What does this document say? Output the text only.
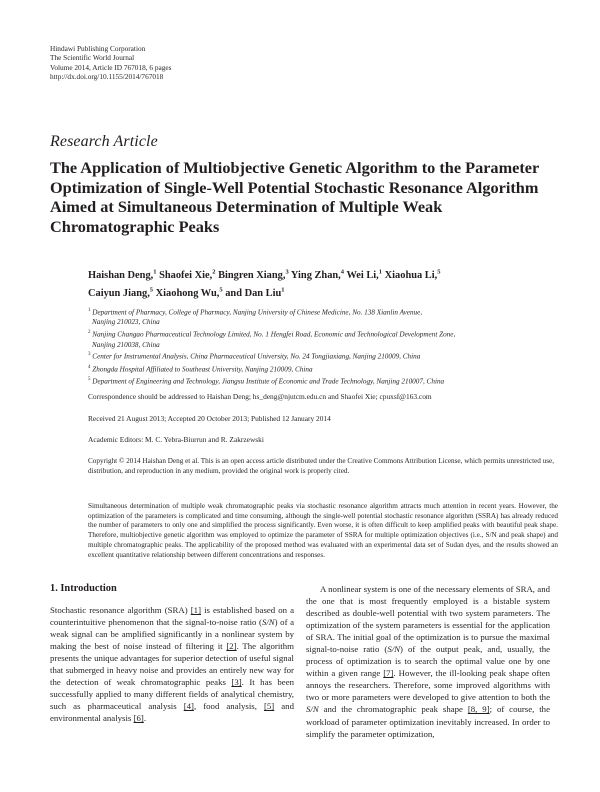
Hindawi Publishing Corporation
The Scientific World Journal
Volume 2014, Article ID 767018, 6 pages
http://dx.doi.org/10.1155/2014/767018
Research Article
The Application of Multiobjective Genetic Algorithm to the Parameter Optimization of Single-Well Potential Stochastic Resonance Algorithm Aimed at Simultaneous Determination of Multiple Weak Chromatographic Peaks
Haishan Deng,$^1$ Shaofei Xie,$^2$ Bingren Xiang,$^3$ Ying Zhan,$^4$ Wei Li,$^1$ Xiaohua Li,$^5$
Caiyun Jiang,$^5$ Xiaohong Wu,$^5$ and Dan Liu$^1$
$^1$ Department of Pharmacy, College of Pharmacy, Nanjing University of Chinese Medicine, No. 138 Xianlin Avenue,
Nanjing 210023, China
$^2$ Nanjing Changao Pharmaceutical Technology Limited, No. 1 Hengfei Road, Economic and Technological Development Zone,
Nanjing 210038, China
$^3$ Center for Instrumental Analysis, China Pharmaceutical University, No. 24 Tongjiaxiang, Nanjing 210009, China
$^4$ Zhongda Hospital Affiliated to Southeast University, Nanjing 210009, China
$^5$ Department of Engineering and Technology, Jiangsu Institute of Economic and Trade Technology, Nanjing 210007, China
Correspondence should be addressed to Haishan Deng; hs_deng@njutcm.edu.cn and Shaofei Xie; cpuxsf@163.com
Received 21 August 2013; Accepted 20 October 2013; Published 12 January 2014
Academic Editors: M. C. Yebra-Biurrun and R. Zakrzewski
Copyright © 2014 Haishan Deng et al. This is an open access article distributed under the Creative Commons Attribution License, which permits unrestricted use, distribution, and reproduction in any medium, provided the original work is properly cited.
Simultaneous determination of multiple weak chromatographic peaks via stochastic resonance algorithm attracts much attention in recent years. However, the optimization of the parameters is complicated and time consuming, although the single-well potential stochastic resonance algorithm (SSRA) has already reduced the number of parameters to only one and simplified the process significantly. Even worse, it is often difficult to keep amplified peaks with beautiful peak shape. Therefore, multiobjective genetic algorithm was employed to optimize the parameter of SSRA for multiple optimization objectives (i.e., S/N and peak shape) and multiple chromatographic peaks. The applicability of the proposed method was evaluated with an experimental data set of Sudan dyes, and the results showed an excellent quantitative relationship between different concentrations and responses.
1. Introduction
Stochastic resonance algorithm (SRA) [1] is established based on a counterintuitive phenomenon that the signal-to-noise ratio (S/N) of a weak signal can be amplified significantly in a nonlinear system by making the best of noise instead of filtering it [2]. The algorithm presents the unique advantages for superior detection of useful signal that submerged in heavy noise and provides an entirely new way for the detection of weak chromatographic peaks [3]. It has been successfully applied to many different fields of analytical chemistry, such as pharmaceutical analysis [4], food analysis, [5] and environmental analysis [6].
A nonlinear system is one of the necessary elements of SRA, and the one that is most frequently employed is a bistable system described as double-well potential with two system parameters. The optimization of the system parameters is essential for the application of SRA. The initial goal of the optimization is to pursue the maximal signal-to-noise ratio (S/N) of the output peak, and, usually, the process of optimization is to search the optimal value one by one within a given range [7]. However, the ill-looking peak shape often annoys the researchers. Therefore, some improved algorithms with two or more parameters were developed to give attention to both the S/N and the chromatographic peak shape [8, 9]; of course, the workload of parameter optimization inevitably increased. In order to simplify the parameter optimization,
